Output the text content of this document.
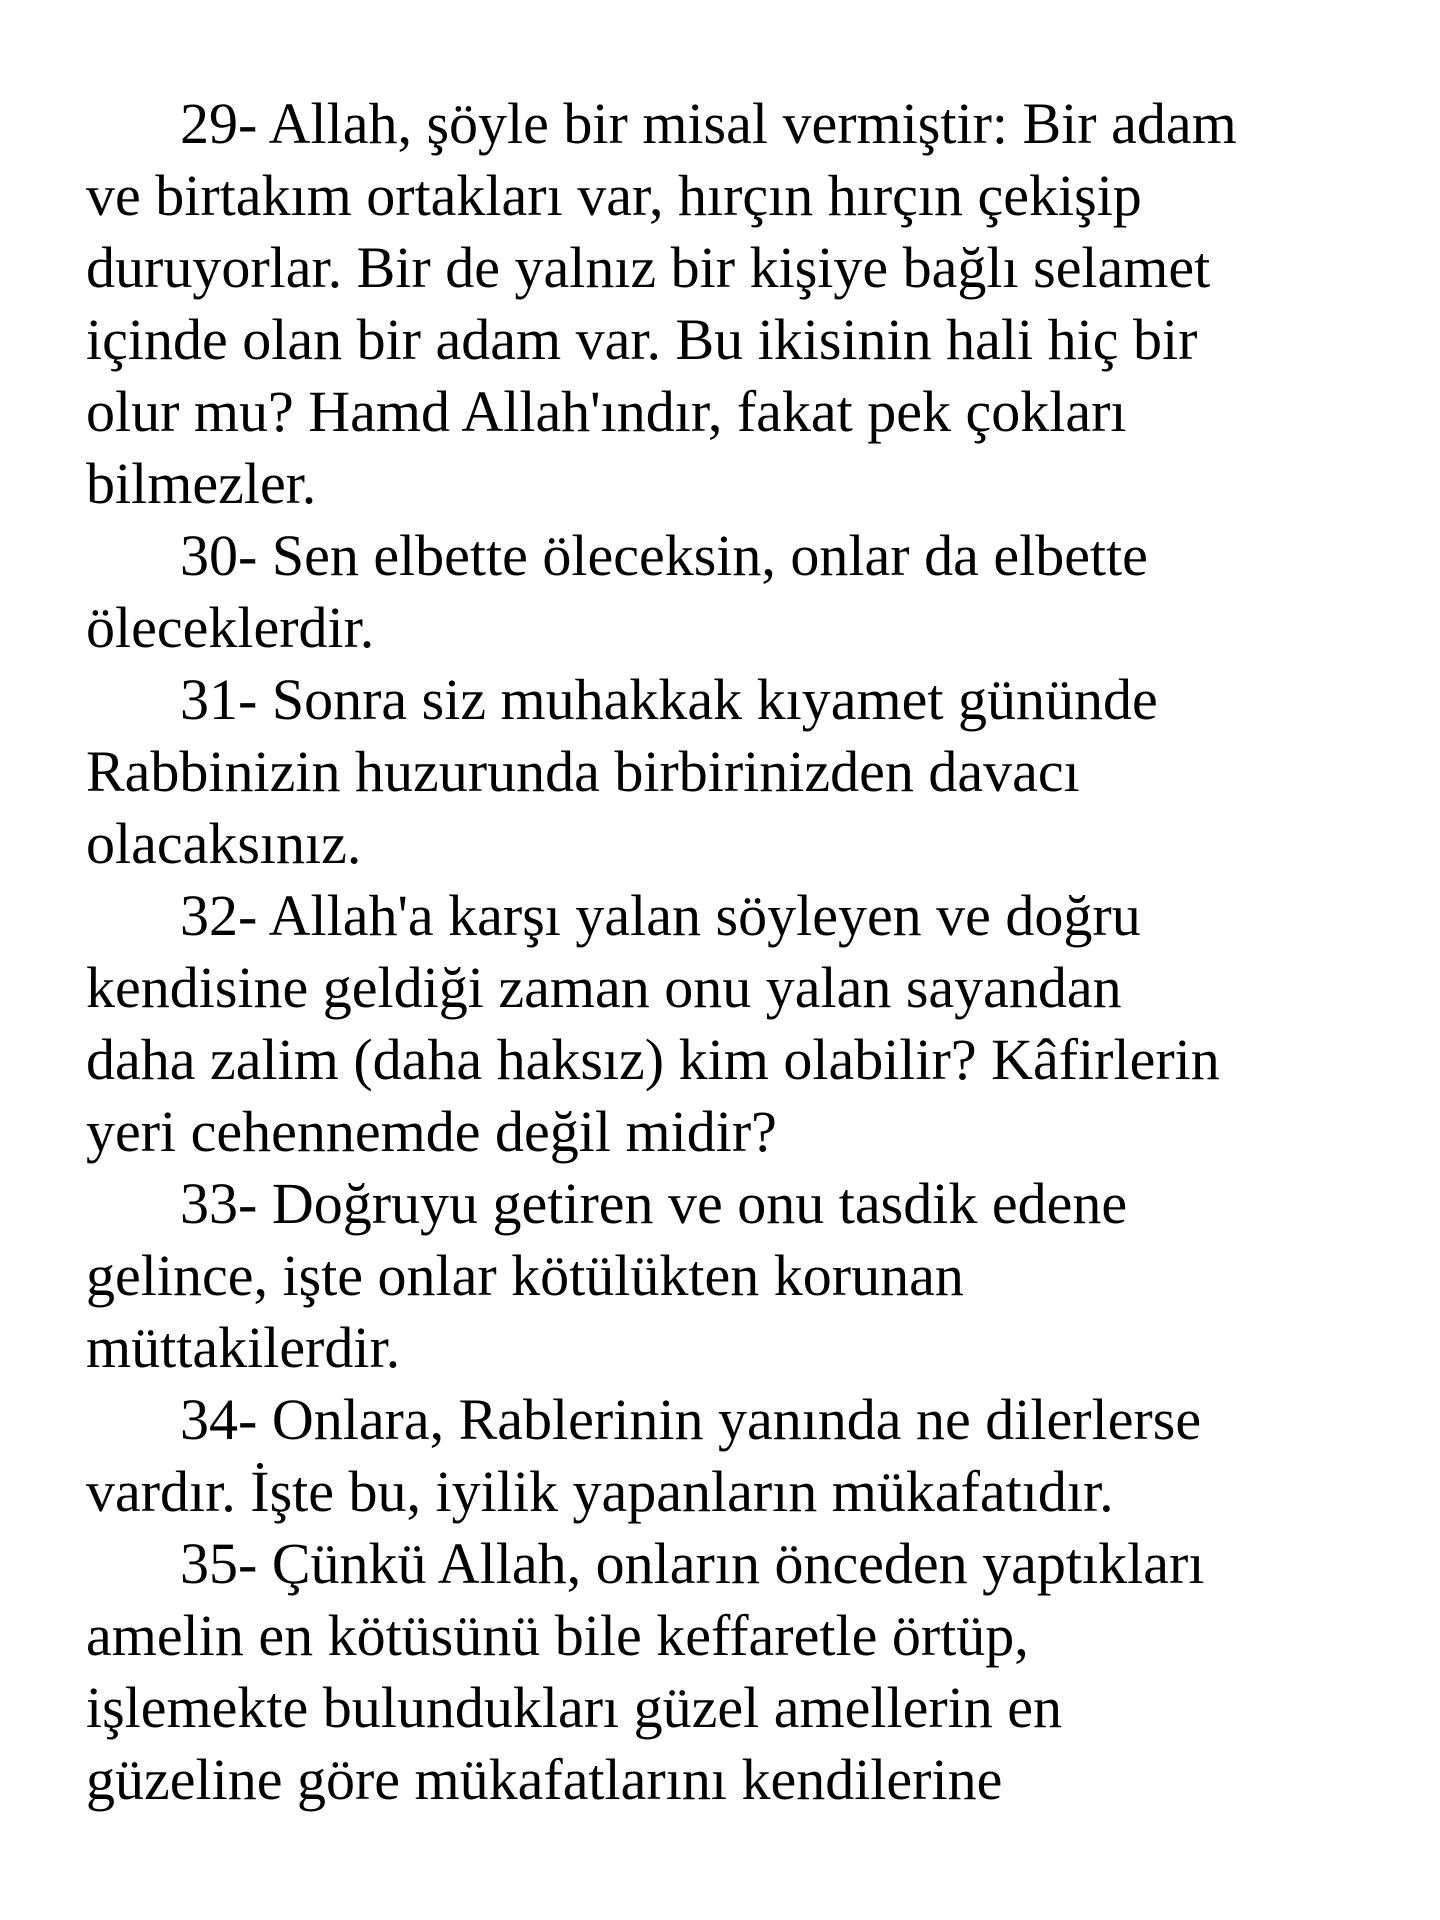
29- Allah, şöyle bir misal vermiştir: Bir adam
ve birtakım ortakları var, hırçın hırçın çekişip
duruyorlar. Bir de yalnız bir kişiye bağlı selamet
içinde olan bir adam var. Bu ikisinin hali hiç bir
olur mu? Hamd Allah'ındır, fakat pek çokları
bilmezler.

30- Sen elbette öleceksin, onlar da elbette
öleceklerdir.

31- Sonra siz muhakkak kıyamet gününde
Rabbinizin huzurunda birbirinizden davacı
olacaksınız.

32- Allah'a karşı yalan söyleyen ve doğru
kendisine geldiği zaman onu yalan sayandan
daha zalim (daha haksız) kim olabilir? Kâfirlerin
yeri cehennemde değil midir?

33- Doğruyu getiren ve onu tasdik edene
gelince, işte onlar kötülükten korunan
müttakilerdir.

34- Onlara, Rablerinin yanında ne dilerlerse
vardır. İşte bu, iyilik yapanların mükafatıdır.

35- Çünkü Allah, onların önceden yaptıkları
amelin en kötüsünü bile keffaretle örtüp,
işlemekte bulundukları güzel amellerin en
güzeline göre mükafatlarını kendilerine
